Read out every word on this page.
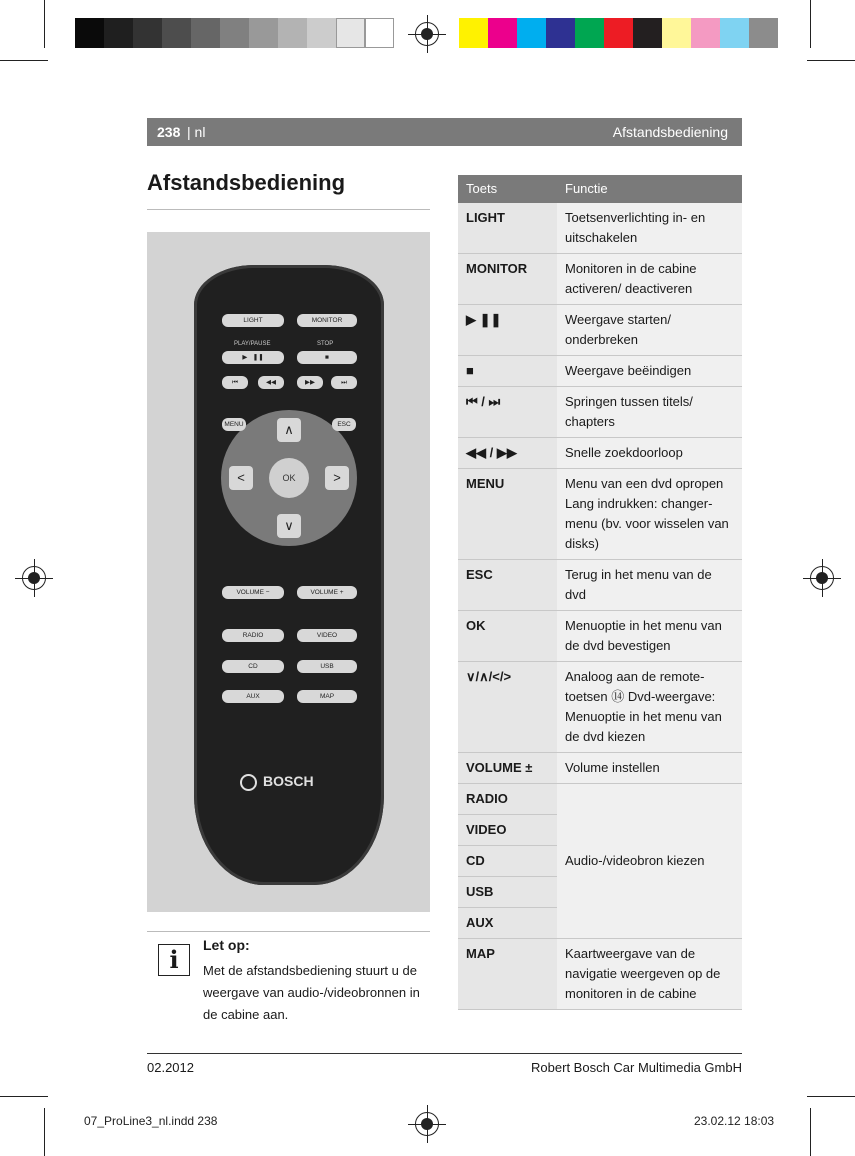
238 | nl	Afstandsbediening
Afstandsbediening
LIGHT	MONITOR
PLAY/PAUSE	STOP
▶   ❚❚	■
⏮	◀◀	▶▶	⏭
∧
<	>
∨
OK
MENU	ESC
VOLUME −	VOLUME +
RADIO	VIDEO
CD	USB
AUX	MAP
BOSCH
i	Let op:
Met de afstandsbediening stuurt u de weergave van audio-/videobronnen in de cabine aan.
Toets	Functie
LIGHT	Toetsenverlichting in- en uitschakelen
MONITOR	Monitoren in de cabine activeren/ deactiveren
▶ ❚❚	Weergave starten/ onderbreken
■	Weergave beëindigen
⏮ / ⏭	Springen tussen titels/ chapters
◀◀ / ▶▶	Snelle zoekdoorloop
MENU	Menu van een dvd opropen Lang indrukken: changer-menu (bv. voor wisselen van disks)
ESC	Terug in het menu van de dvd
OK	Menuoptie in het menu van de dvd bevestigen
∨/∧/</>	Analoog aan de remote-toetsen ⑭ Dvd-weergave: Menuoptie in het menu van de dvd kiezen
VOLUME ±	Volume instellen
RADIO	Audio-/videobron kiezen
VIDEO	
CD	
USB	
AUX	
MAP	Kaartweergave van de navigatie weergeven op de monitoren in de cabine
02.2012	Robert Bosch Car Multimedia GmbH
07_ProLine3_nl.indd 238	23.02.12 18:03
